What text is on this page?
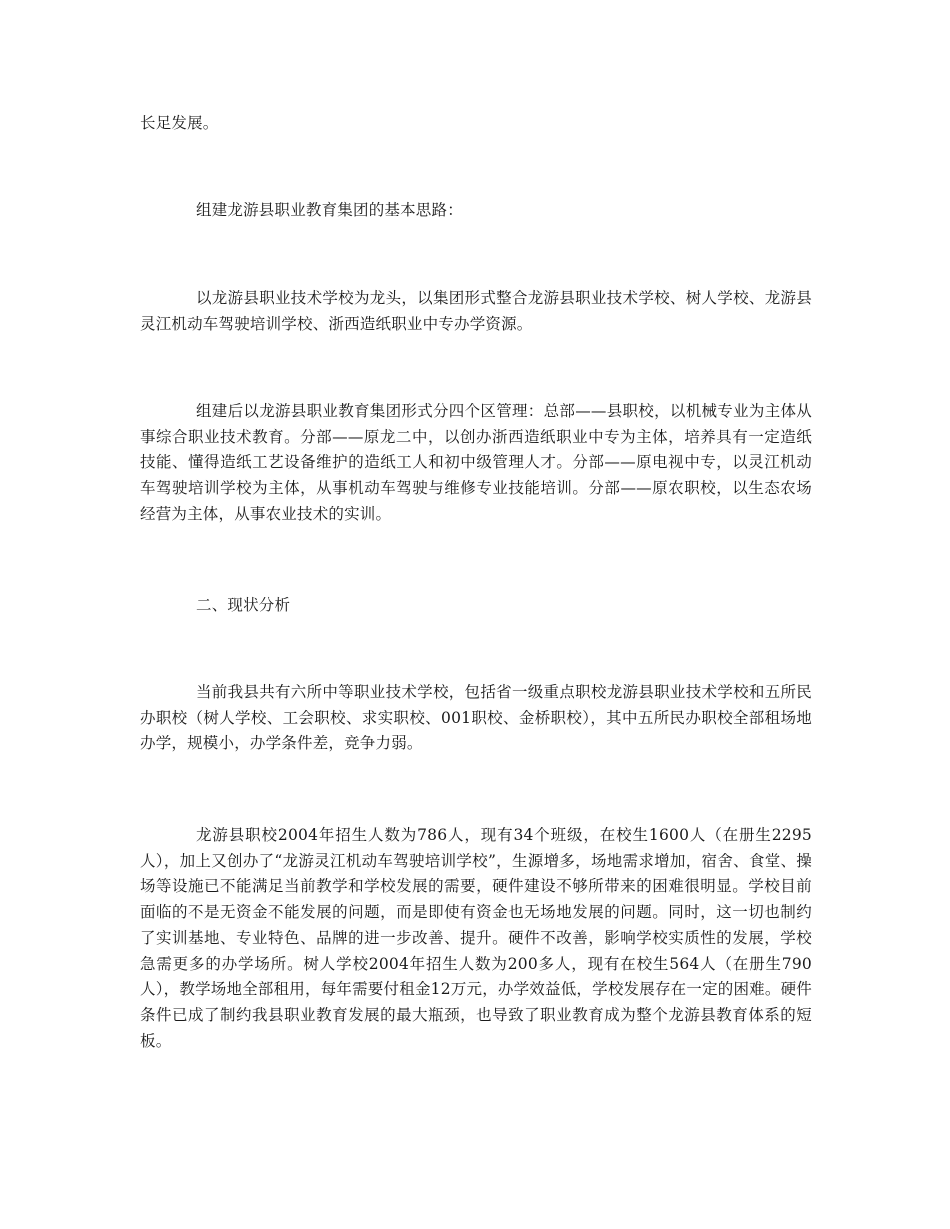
长足发展。

组建龙游县职业教育集团的基本思路：

以龙游县职业技术学校为龙头，以集团形式整合龙游县职业技术学校、树人学校、龙游县灵江机动车驾驶培训学校、浙西造纸职业中专办学资源。

组建后以龙游县职业教育集团形式分四个区管理：总部——县职校，以机械专业为主体从事综合职业技术教育。分部——原龙二中，以创办浙西造纸职业中专为主体，培养具有一定造纸技能、懂得造纸工艺设备维护的造纸工人和初中级管理人才。分部——原电视中专，以灵江机动车驾驶培训学校为主体，从事机动车驾驶与维修专业技能培训。分部——原农职校，以生态农场经营为主体，从事农业技术的实训。

二、现状分析

当前我县共有六所中等职业技术学校，包括省一级重点职校龙游县职业技术学校和五所民办职校（树人学校、工会职校、求实职校、001职校、金桥职校），其中五所民办职校全部租场地办学，规模小，办学条件差，竞争力弱。

龙游县职校2004年招生人数为786人，现有34个班级，在校生1600人（在册生2295人），加上又创办了“龙游灵江机动车驾驶培训学校”，生源增多，场地需求增加，宿舍、食堂、操场等设施已不能满足当前教学和学校发展的需要，硬件建设不够所带来的困难很明显。学校目前面临的不是无资金不能发展的问题，而是即使有资金也无场地发展的问题。同时，这一切也制约了实训基地、专业特色、品牌的进一步改善、提升。硬件不改善，影响学校实质性的发展，学校急需更多的办学场所。树人学校2004年招生人数为200多人，现有在校生564人（在册生790人），教学场地全部租用，每年需要付租金12万元，办学效益低，学校发展存在一定的困难。硬件条件已成了制约我县职业教育发展的最大瓶颈，也导致了职业教育成为整个龙游县教育体系的短板。
